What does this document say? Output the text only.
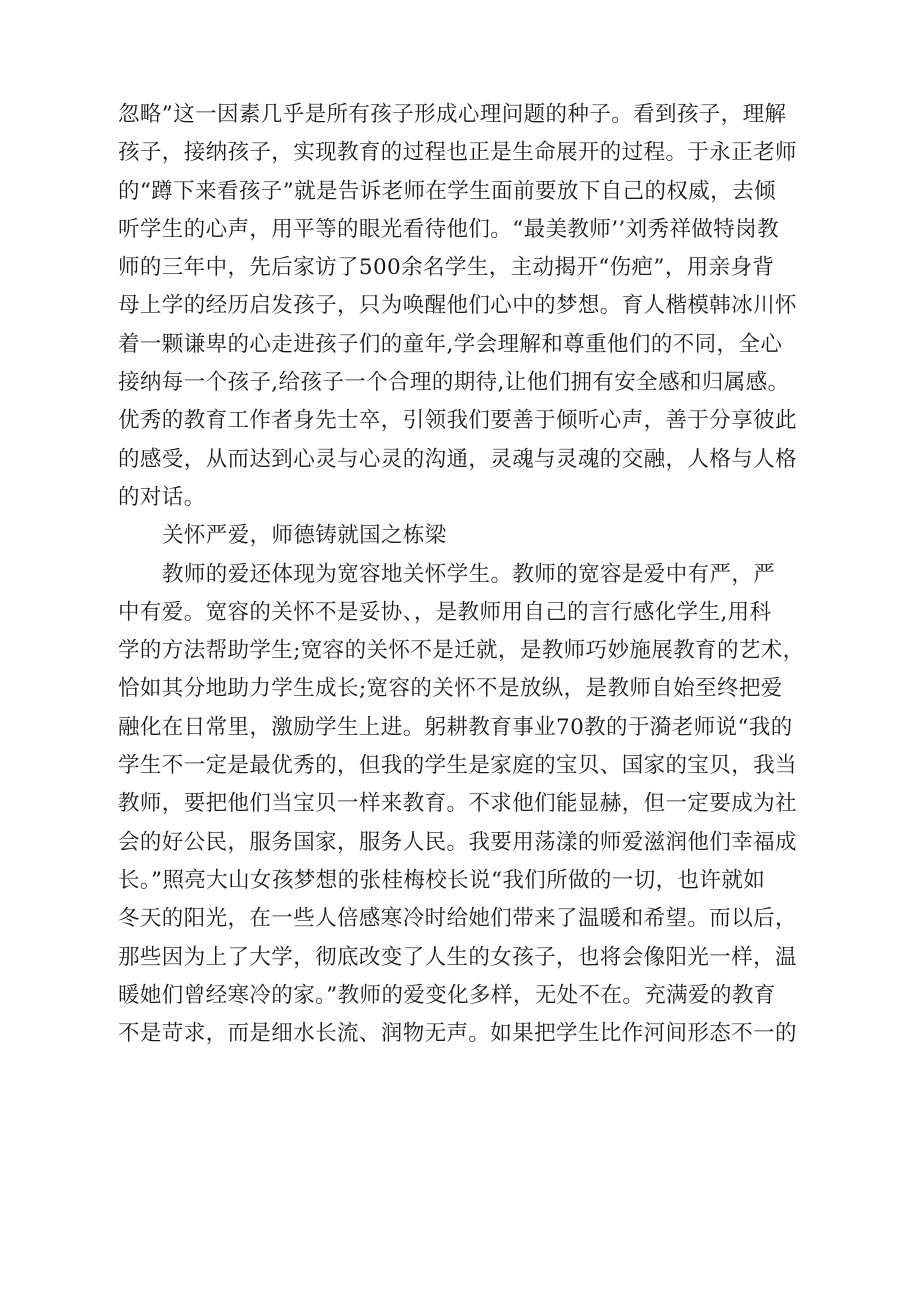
忽略”这一因素几乎是所有孩子形成心理问题的种子。看到孩子，理解
孩子，接纳孩子，实现教育的过程也正是生命展开的过程。于永正老师
的“蹲下来看孩子”就是告诉老师在学生面前要放下自己的权威，去倾
听学生的心声，用平等的眼光看待他们。“最美教师’’刘秀祥做特岗教
师的三年中，先后家访了500余名学生，主动揭开“伤疤”，用亲身背
母上学的经历启发孩子，只为唤醒他们心中的梦想。育人楷模韩冰川怀
着一颗谦卑的心走进孩子们的童年,学会理解和尊重他们的不同，全心
接纳每一个孩子,给孩子一个合理的期待,让他们拥有安全感和归属感。
优秀的教育工作者身先士卒，引领我们要善于倾听心声，善于分享彼此
的感受，从而达到心灵与心灵的沟通，灵魂与灵魂的交融，人格与人格
的对话。
关怀严爱，师德铸就国之栋梁
教师的爱还体现为宽容地关怀学生。教师的宽容是爱中有严，严
中有爱。宽容的关怀不是妥协、，是教师用自己的言行感化学生,用科
学的方法帮助学生;宽容的关怀不是迁就，是教师巧妙施展教育的艺术，
恰如其分地助力学生成长;宽容的关怀不是放纵，是教师自始至终把爱
融化在日常里，激励学生上进。躬耕教育事业70教的于漪老师说“我的
学生不一定是最优秀的，但我的学生是家庭的宝贝、国家的宝贝，我当
教师，要把他们当宝贝一样来教育。不求他们能显赫，但一定要成为社
会的好公民，服务国家，服务人民。我要用荡漾的师爱滋润他们幸福成
长。”照亮大山女孩梦想的张桂梅校长说“我们所做的一切，也许就如
冬天的阳光，在一些人倍感寒冷时给她们带来了温暖和希望。而以后，
那些因为上了大学，彻底改变了人生的女孩子，也将会像阳光一样，温
暖她们曾经寒冷的家。”教师的爱变化多样，无处不在。充满爱的教育
不是苛求，而是细水长流、润物无声。如果把学生比作河间形态不一的
